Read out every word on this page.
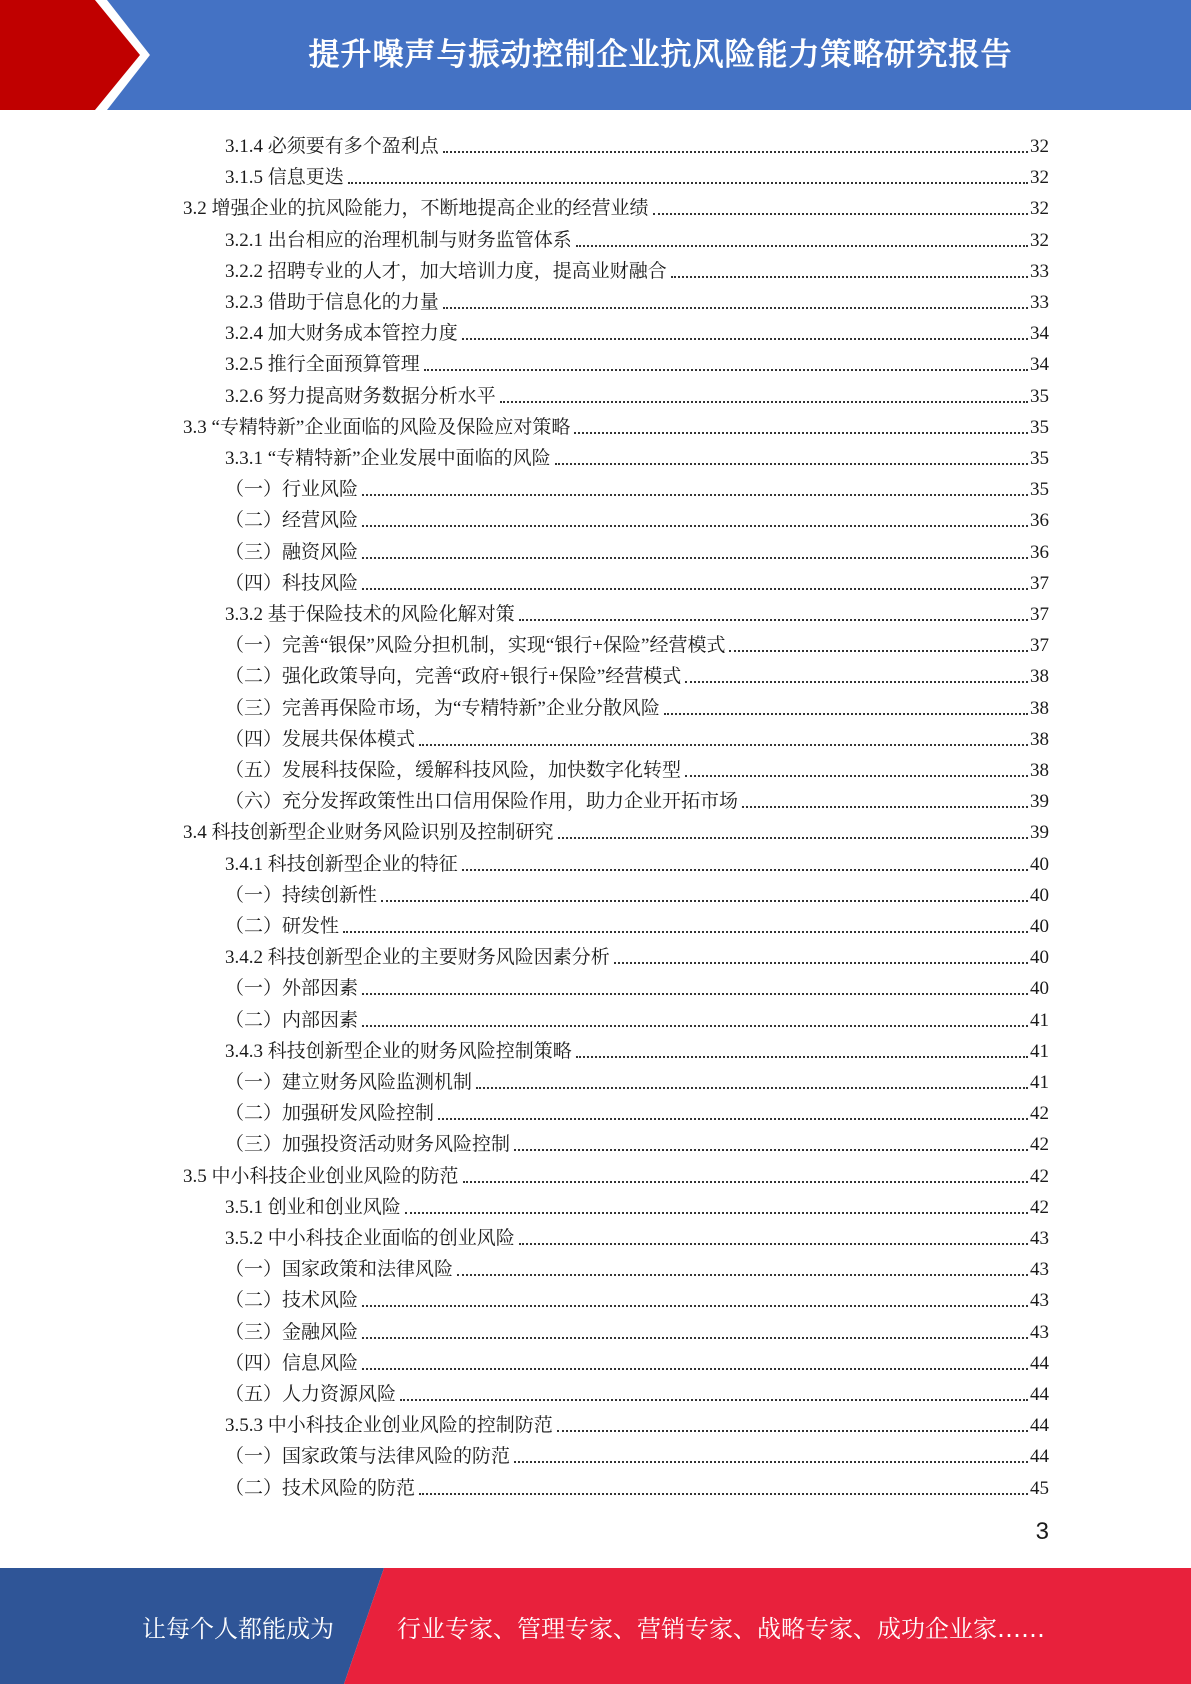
提升噪声与振动控制企业抗风险能力策略研究报告
3.1.4 必须要有多个盈利点	32
3.1.5 信息更迭	32
3.2 增强企业的抗风险能力，不断地提高企业的经营业绩	32
3.2.1 出台相应的治理机制与财务监管体系	32
3.2.2 招聘专业的人才，加大培训力度，提高业财融合	33
3.2.3 借助于信息化的力量	33
3.2.4 加大财务成本管控力度	34
3.2.5 推行全面预算管理	34
3.2.6 努力提高财务数据分析水平	35
3.3 “专精特新”企业面临的风险及保险应对策略	35
3.3.1 “专精特新”企业发展中面临的风险	35
（一）行业风险	35
（二）经营风险	36
（三）融资风险	36
（四）科技风险	37
3.3.2 基于保险技术的风险化解对策	37
（一）完善“银保”风险分担机制，实现“银行+保险”经营模式	37
（二）强化政策导向，完善“政府+银行+保险”经营模式	38
（三）完善再保险市场，为“专精特新”企业分散风险	38
（四）发展共保体模式	38
（五）发展科技保险，缓解科技风险，加快数字化转型	38
（六）充分发挥政策性出口信用保险作用，助力企业开拓市场	39
3.4 科技创新型企业财务风险识别及控制研究	39
3.4.1 科技创新型企业的特征	40
（一）持续创新性	40
（二）研发性	40
3.4.2 科技创新型企业的主要财务风险因素分析	40
（一）外部因素	40
（二）内部因素	41
3.4.3 科技创新型企业的财务风险控制策略	41
（一）建立财务风险监测机制	41
（二）加强研发风险控制	42
（三）加强投资活动财务风险控制	42
3.5 中小科技企业创业风险的防范	42
3.5.1 创业和创业风险	42
3.5.2 中小科技企业面临的创业风险	43
（一）国家政策和法律风险	43
（二）技术风险	43
（三）金融风险	43
（四）信息风险	44
（五）人力资源风险	44
3.5.3 中小科技企业创业风险的控制防范	44
（一）国家政策与法律风险的防范	44
（二）技术风险的防范	45
3
让每个人都能成为	行业专家、管理专家、营销专家、战略专家、成功企业家……
